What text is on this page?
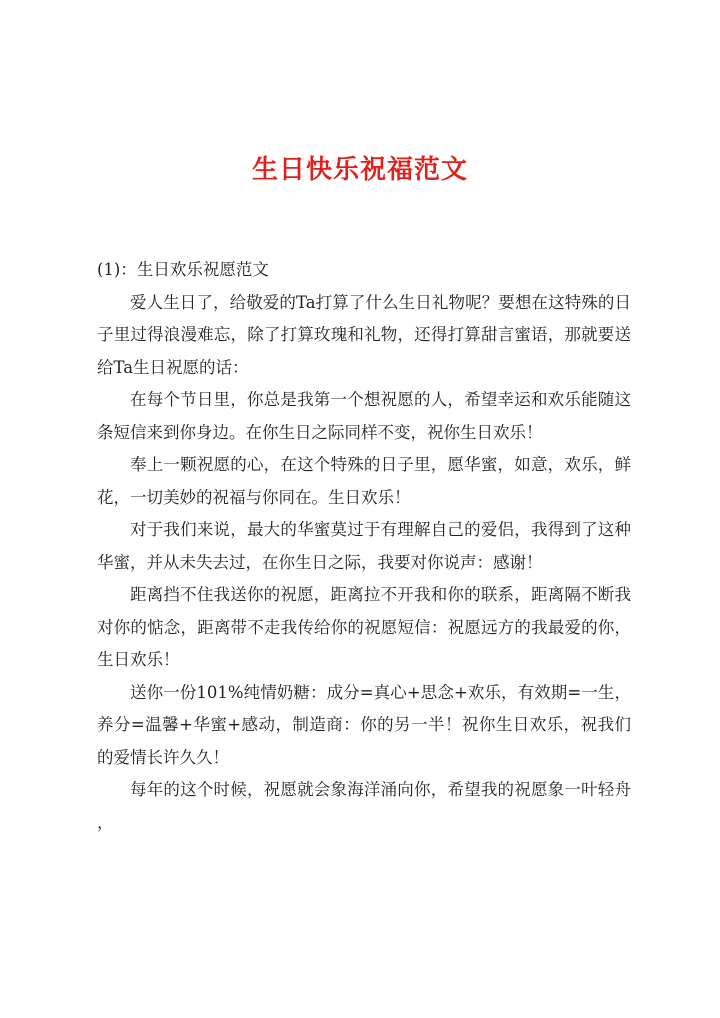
生日快乐祝福范文

(1)：生日欢乐祝愿范文

爱人生日了，给敬爱的Ta打算了什么生日礼物呢？要想在这特殊的日子里过得浪漫难忘，除了打算玫瑰和礼物，还得打算甜言蜜语，那就要送给Ta生日祝愿的话：

在每个节日里，你总是我第一个想祝愿的人，希望幸运和欢乐能随这条短信来到你身边。在你生日之际同样不变，祝你生日欢乐！

奉上一颗祝愿的心，在这个特殊的日子里，愿华蜜，如意，欢乐，鲜花，一切美妙的祝福与你同在。生日欢乐！

对于我们来说，最大的华蜜莫过于有理解自己的爱侣，我得到了这种华蜜，并从未失去过，在你生日之际，我要对你说声：感谢！

距离挡不住我送你的祝愿，距离拉不开我和你的联系，距离隔不断我对你的惦念，距离带不走我传给你的祝愿短信：祝愿远方的我最爱的你，生日欢乐！

送你一份101%纯情奶糖：成分=真心+思念+欢乐，有效期=一生，养分=温馨+华蜜+感动，制造商：你的另一半！祝你生日欢乐，祝我们的爱情长许久久！

每年的这个时候，祝愿就会象海洋涌向你，希望我的祝愿象一叶轻舟，
